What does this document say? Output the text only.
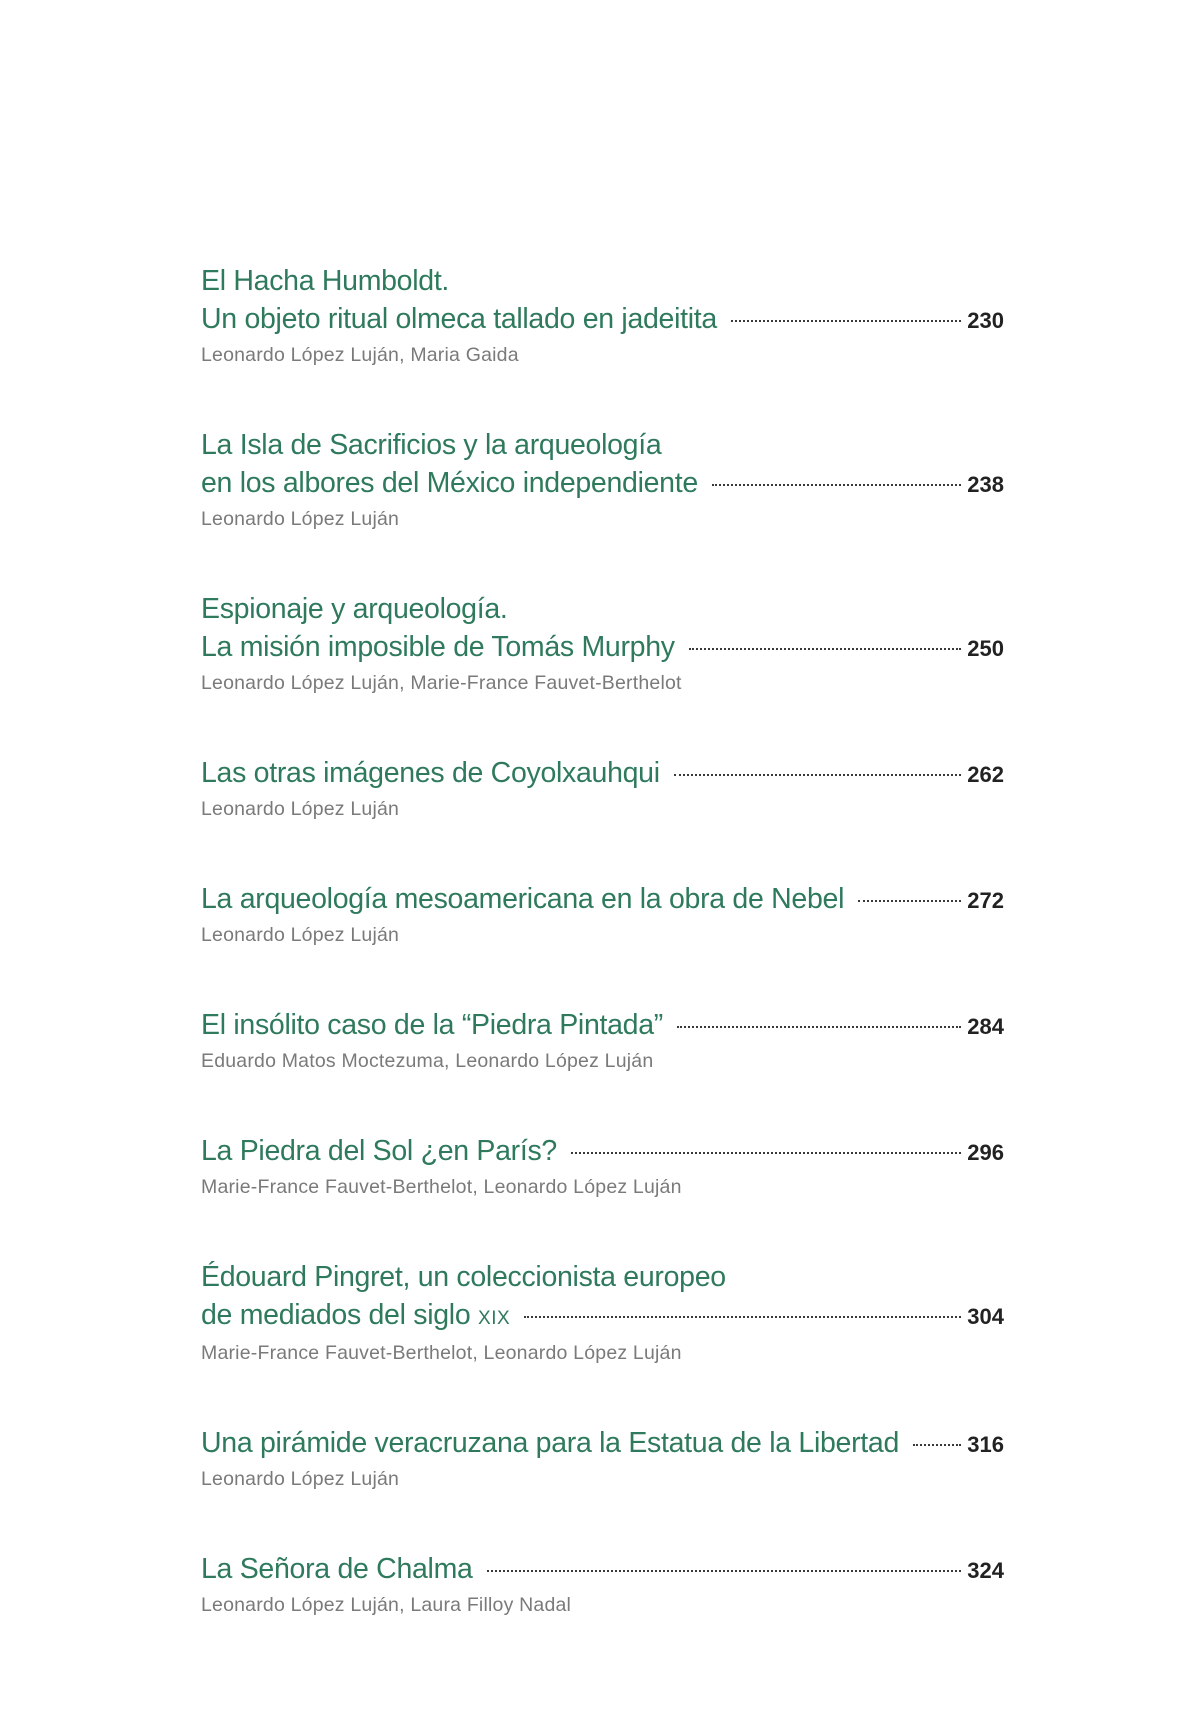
El Hacha Humboldt.
Un objeto ritual olmeca tallado en jadeitita	230
Leonardo López Luján, Maria Gaida
La Isla de Sacrificios y la arqueología
en los albores del México independiente	238
Leonardo López Luján
Espionaje y arqueología.
La misión imposible de Tomás Murphy	250
Leonardo López Luján, Marie-France Fauvet-Berthelot
Las otras imágenes de Coyolxauhqui	262
Leonardo López Luján
La arqueología mesoamericana en la obra de Nebel	272
Leonardo López Luján
El insólito caso de la “Piedra Pintada”	284
Eduardo Matos Moctezuma, Leonardo López Luján
La Piedra del Sol ¿en París?	296
Marie-France Fauvet-Berthelot, Leonardo López Luján
Édouard Pingret, un coleccionista europeo
de mediados del siglo XIX	304
Marie-France Fauvet-Berthelot, Leonardo López Luján
Una pirámide veracruzana para la Estatua de la Libertad	316
Leonardo López Luján
La Señora de Chalma	324
Leonardo López Luján, Laura Filloy Nadal
